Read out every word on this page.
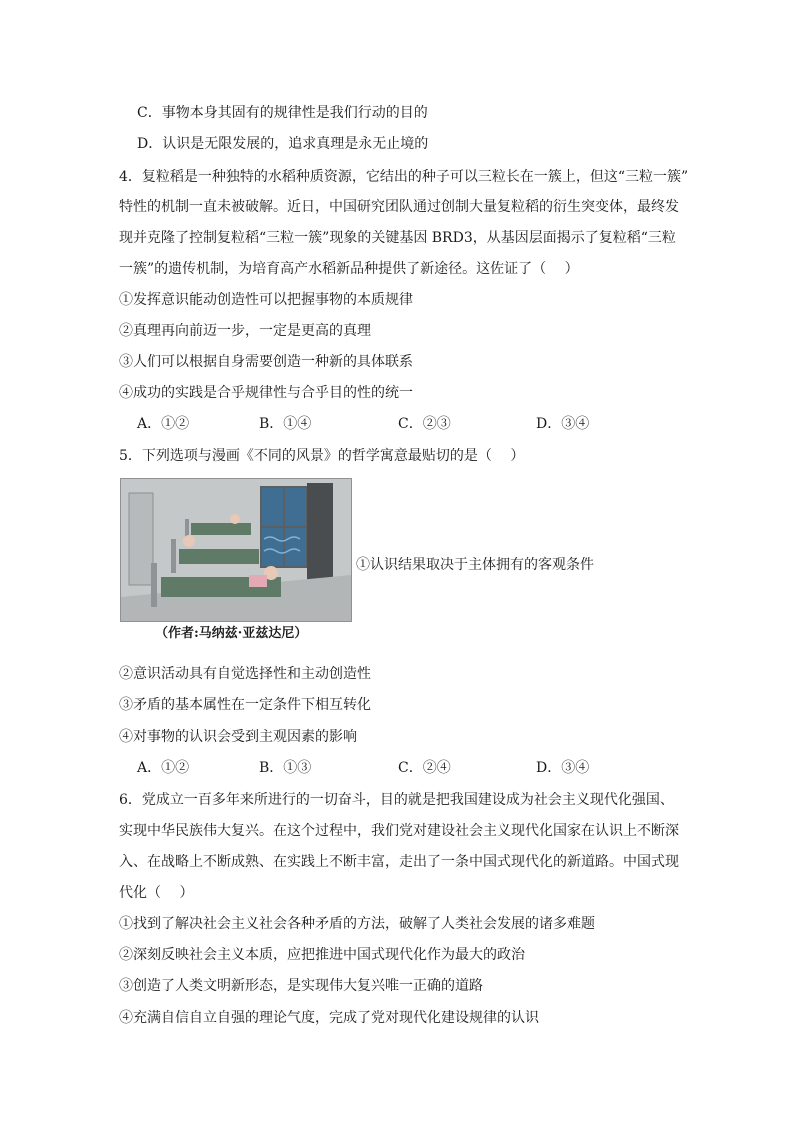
C．事物本身其固有的规律性是我们行动的目的
D．认识是无限发展的，追求真理是永无止境的
4．复粒稻是一种独特的水稻种质资源，它结出的种子可以三粒长在一簇上，但这“三粒一簇”
特性的机制一直未被破解。近日，中国研究团队通过创制大量复粒稻的衍生突变体，最终发
现并克隆了控制复粒稻“三粒一簇”现象的关键基因 BRD3，从基因层面揭示了复粒稻“三粒
一簇”的遗传机制，为培育高产水稻新品种提供了新途径。这佐证了（　 ）
①发挥意识能动创造性可以把握事物的本质规律
②真理再向前迈一步，一定是更高的真理
③人们可以根据自身需要创造一种新的具体联系
④成功的实践是合乎规律性与合乎目的性的统一
A．①②	B．①④	C．②③	D．③④
5．下列选项与漫画《不同的风景》的哲学寓意最贴切的是（　 ）
①认识结果取决于主体拥有的客观条件
（作者:马纳兹·亚兹达尼）
②意识活动具有自觉选择性和主动创造性
③矛盾的基本属性在一定条件下相互转化
④对事物的认识会受到主观因素的影响
A．①②	B．①③	C．②④	D．③④
6．党成立一百多年来所进行的一切奋斗，目的就是把我国建设成为社会主义现代化强国、
实现中华民族伟大复兴。在这个过程中，我们党对建设社会主义现代化国家在认识上不断深
入、在战略上不断成熟、在实践上不断丰富，走出了一条中国式现代化的新道路。中国式现
代化（　 ）
①找到了解决社会主义社会各种矛盾的方法，破解了人类社会发展的诸多难题
②深刻反映社会主义本质，应把推进中国式现代化作为最大的政治
③创造了人类文明新形态，是实现伟大复兴唯一正确的道路
④充满自信自立自强的理论气度，完成了党对现代化建设规律的认识
